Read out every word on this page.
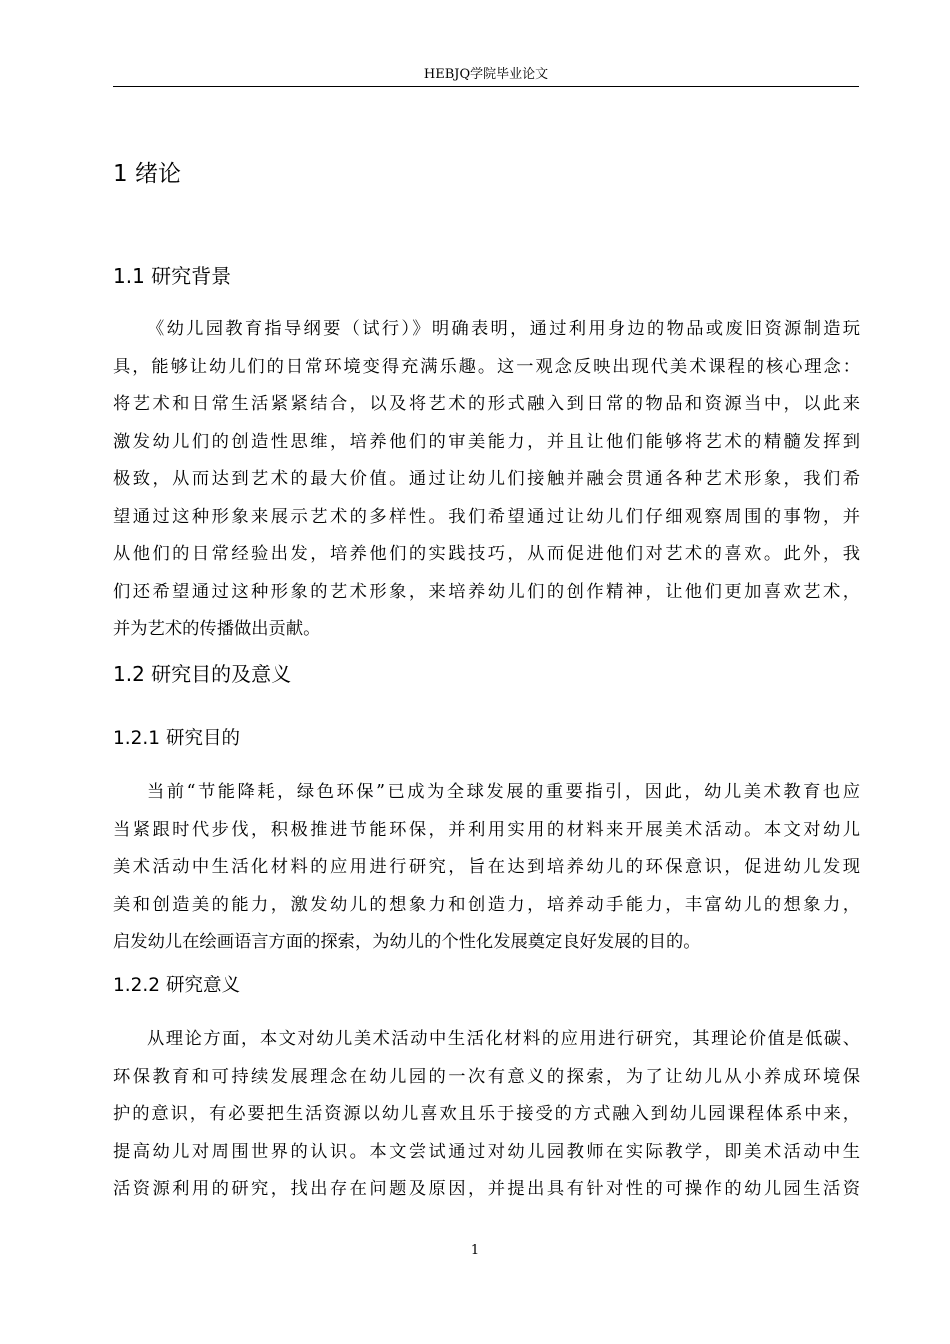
HEBJQ学院毕业论文
1 绪论
1.1 研究背景
《幼儿园教育指导纲要（试行）》明确表明，通过利用身边的物品或废旧资源制造玩
具，能够让幼儿们的日常环境变得充满乐趣。这一观念反映出现代美术课程的核心理念：
将艺术和日常生活紧紧结合，以及将艺术的形式融入到日常的物品和资源当中，以此来
激发幼儿们的创造性思维，培养他们的审美能力，并且让他们能够将艺术的精髓发挥到
极致，从而达到艺术的最大价值。通过让幼儿们接触并融会贯通各种艺术形象，我们希
望通过这种形象来展示艺术的多样性。我们希望通过让幼儿们仔细观察周围的事物，并
从他们的日常经验出发，培养他们的实践技巧，从而促进他们对艺术的喜欢。此外，我
们还希望通过这种形象的艺术形象，来培养幼儿们的创作精神，让他们更加喜欢艺术，
并为艺术的传播做出贡献。
1.2 研究目的及意义
1.2.1 研究目的
当前“节能降耗，绿色环保”已成为全球发展的重要指引，因此，幼儿美术教育也应
当紧跟时代步伐，积极推进节能环保，并利用实用的材料来开展美术活动。本文对幼儿
美术活动中生活化材料的应用进行研究，旨在达到培养幼儿的环保意识，促进幼儿发现
美和创造美的能力，激发幼儿的想象力和创造力，培养动手能力，丰富幼儿的想象力，
启发幼儿在绘画语言方面的探索，为幼儿的个性化发展奠定良好发展的目的。
1.2.2 研究意义
从理论方面，本文对幼儿美术活动中生活化材料的应用进行研究，其理论价值是低碳、
环保教育和可持续发展理念在幼儿园的一次有意义的探索，为了让幼儿从小养成环境保
护的意识，有必要把生活资源以幼儿喜欢且乐于接受的方式融入到幼儿园课程体系中来，
提高幼儿对周围世界的认识。本文尝试通过对幼儿园教师在实际教学，即美术活动中生
活资源利用的研究，找出存在问题及原因，并提出具有针对性的可操作的幼儿园生活资
1
